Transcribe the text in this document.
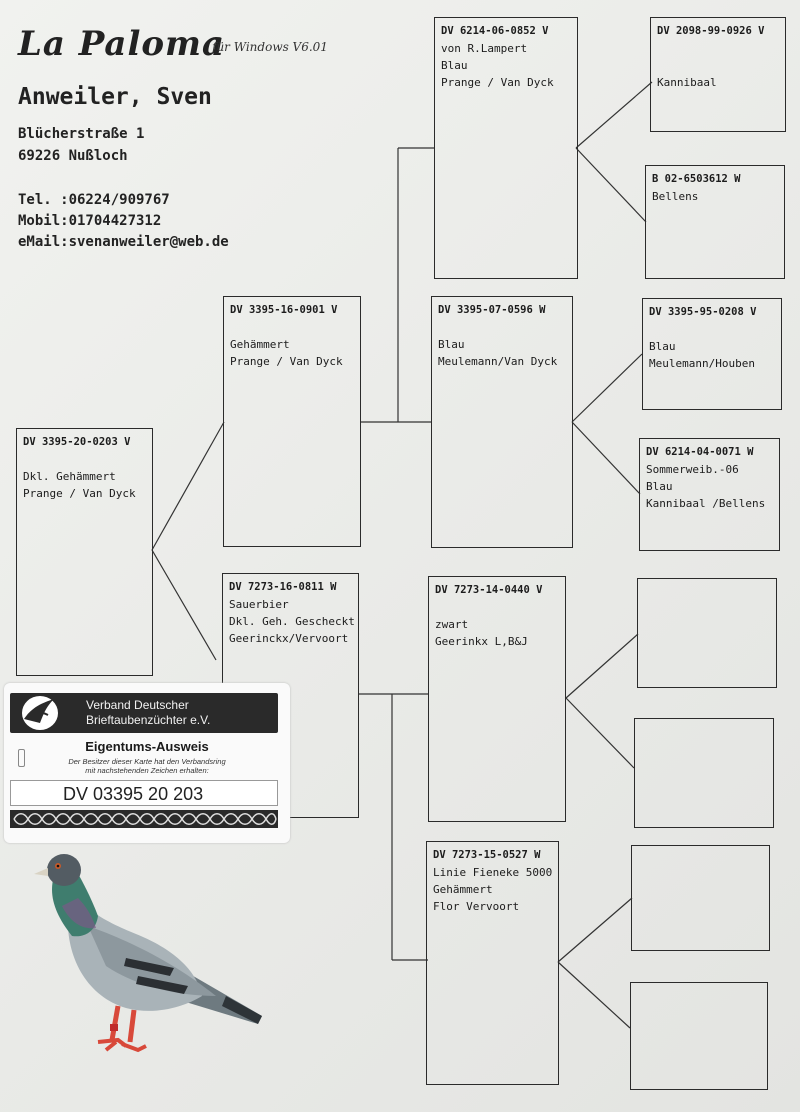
La Paloma
für Windows V6.01
Anweiler, Sven
Blücherstraße 1
69226 Nußloch
Tel. :06224/909767
Mobil:01704427312
eMail:svenanweiler@web.de
DV 3395-20-0203 V

Dkl. Gehämmert
Prange / Van Dyck
DV 3395-16-0901 V

Gehämmert
Prange / Van Dyck
DV 7273-16-0811 W
Sauerbier
Dkl. Geh. Gescheckt
Geerinckx/Vervoort
DV 6214-06-0852 V
von R.Lampert
Blau
Prange / Van Dyck
DV 3395-07-0596 W

Blau
Meulemann/Van Dyck
DV 7273-14-0440 V

zwart
Geerinkx L,B&J
DV 7273-15-0527 W
Linie Fieneke 5000
Gehämmert
Flor Vervoort
DV 2098-99-0926 V

Kannibaal
B 02-6503612 W
Bellens
DV 3395-95-0208 V

Blau
Meulemann/Houben
DV 6214-04-0071 W
Sommerweib.-06
Blau
Kannibaal /Bellens
Verband Deutscher
Brieftaubenzüchter e.V.
Eigentums-Ausweis
Der Besitzer dieser Karte hat den Verbandsring
mit nachstehenden Zeichen erhalten:
DV 03395 20 203
